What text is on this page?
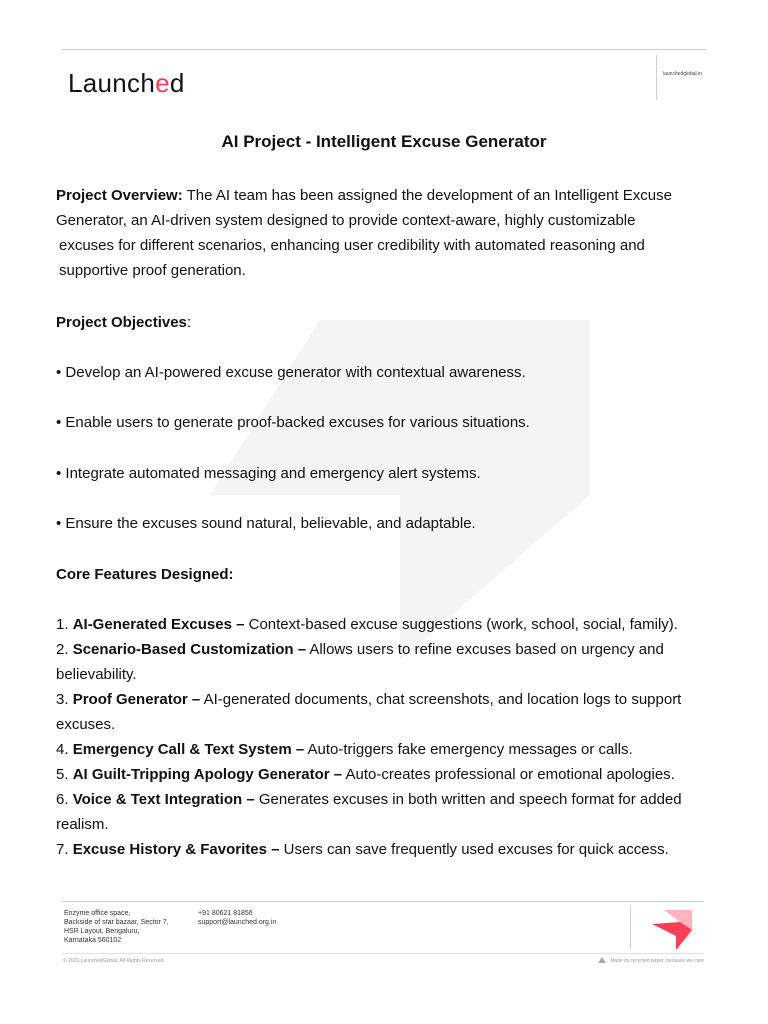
Launched	launchedglobal.in
AI Project - Intelligent Excuse Generator
Project Overview: The AI team has been assigned the development of an Intelligent Excuse
Generator, an AI-driven system designed to provide context-aware, highly customizable
excuses for different scenarios, enhancing user credibility with automated reasoning and
supportive proof generation.
Project Objectives:
• Develop an AI-powered excuse generator with contextual awareness.
• Enable users to generate proof-backed excuses for various situations.
• Integrate automated messaging and emergency alert systems.
• Ensure the excuses sound natural, believable, and adaptable.
Core Features Designed:
1. AI-Generated Excuses – Context-based excuse suggestions (work, school, social, family).
2. Scenario-Based Customization – Allows users to refine excuses based on urgency and
believability.
3. Proof Generator – AI-generated documents, chat screenshots, and location logs to support
excuses.
4. Emergency Call & Text System – Auto-triggers fake emergency messages or calls.
5. AI Guilt-Tripping Apology Generator – Auto-creates professional or emotional apologies.
6. Voice & Text Integration – Generates excuses in both written and speech format for added
realism.
7. Excuse History & Favorites – Users can save frequently used excuses for quick access.
Enzyme office space,
Backside of star bazaar, Sector 7,
HSR Layout, Bengaluru,
Karnataka 560102
+91 80621 81856
support@launched.org.in
© 2023 LaunchedGlobal. All Rights Reserved.	Made by recycled paper, because we care
